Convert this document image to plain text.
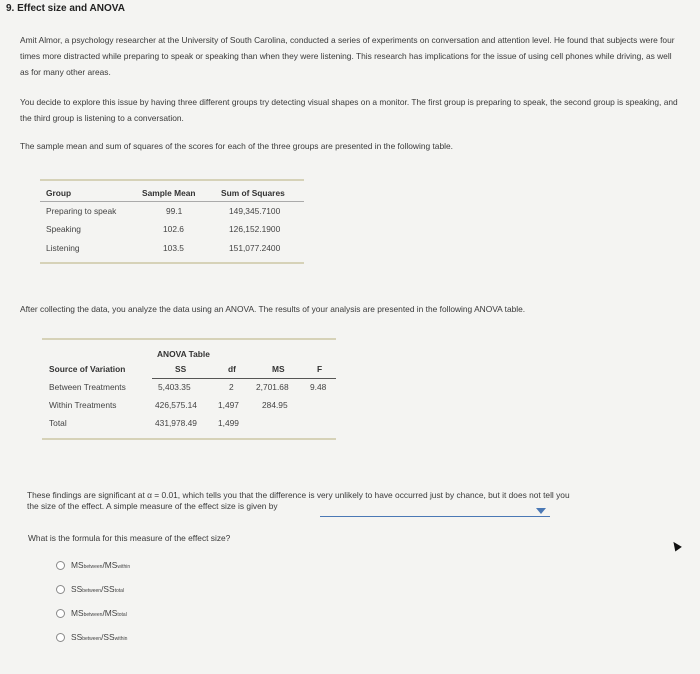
9. Effect size and ANOVA
Amit Almor, a psychology researcher at the University of South Carolina, conducted a series of experiments on conversation and attention level. He found that subjects were four times more distracted while preparing to speak or speaking than when they were listening. This research has implications for the issue of using cell phones while driving, as well as for many other areas.
You decide to explore this issue by having three different groups try detecting visual shapes on a monitor. The first group is preparing to speak, the second group is speaking, and the third group is listening to a conversation.
The sample mean and sum of squares of the scores for each of the three groups are presented in the following table.
Group	Sample Mean	Sum of Squares
Preparing to speak	99.1	149,345.7100
Speaking	102.6	126,152.1900
Listening	103.5	151,077.2400
After collecting the data, you analyze the data using an ANOVA. The results of your analysis are presented in the following ANOVA table.
ANOVA Table
Source of Variation	SS	df	MS	F
Between Treatments	5,403.35	2	2,701.68	9.48
Within Treatments	426,575.14	1,497	284.95
Total	431,978.49	1,499
These findings are significant at α = 0.01, which tells you that the difference is very unlikely to have occurred just by chance, but it does not tell you
the size of the effect. A simple measure of the effect size is given by
What is the formula for this measure of the effect size?
MSbetween/MSwithin
SSbetween/SStotal
MSbetween/MStotal
SSbetween/SSwithin
